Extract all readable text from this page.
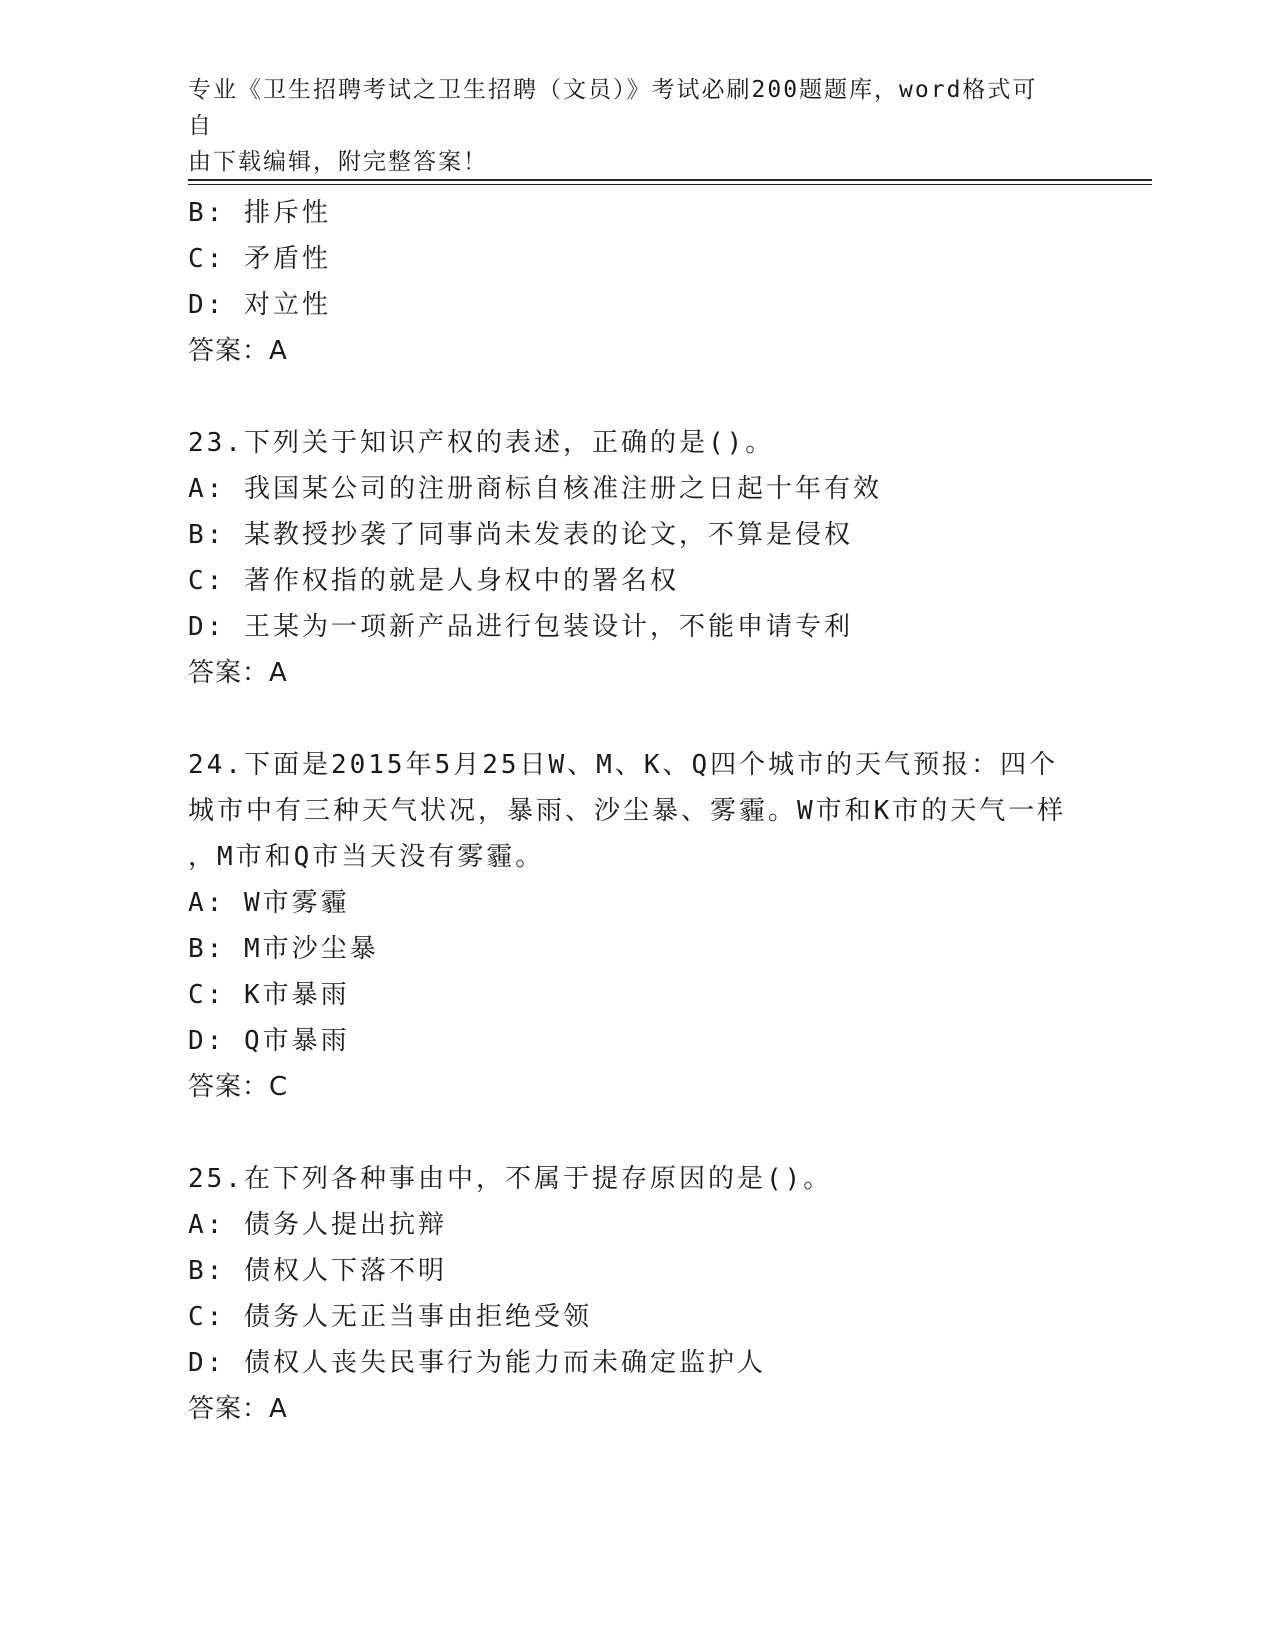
专业《卫生招聘考试之卫生招聘（文员）》考试必刷200题题库，word格式可自
由下载编辑，附完整答案！
B: 排斥性
C: 矛盾性
D: 对立性
答案：A
23.下列关于知识产权的表述，正确的是()。
A: 我国某公司的注册商标自核准注册之日起十年有效
B: 某教授抄袭了同事尚未发表的论文，不算是侵权
C: 著作权指的就是人身权中的署名权
D: 王某为一项新产品进行包装设计，不能申请专利
答案：A
24.下面是2015年5月25日W、M、K、Q四个城市的天气预报：四个
城市中有三种天气状况，暴雨、沙尘暴、雾霾。W市和K市的天气一样
，M市和Q市当天没有雾霾。
A: W市雾霾
B: M市沙尘暴
C: K市暴雨
D: Q市暴雨
答案：C
25.在下列各种事由中，不属于提存原因的是()。
A: 债务人提出抗辩
B: 债权人下落不明
C: 债务人无正当事由拒绝受领
D: 债权人丧失民事行为能力而未确定监护人
答案：A
